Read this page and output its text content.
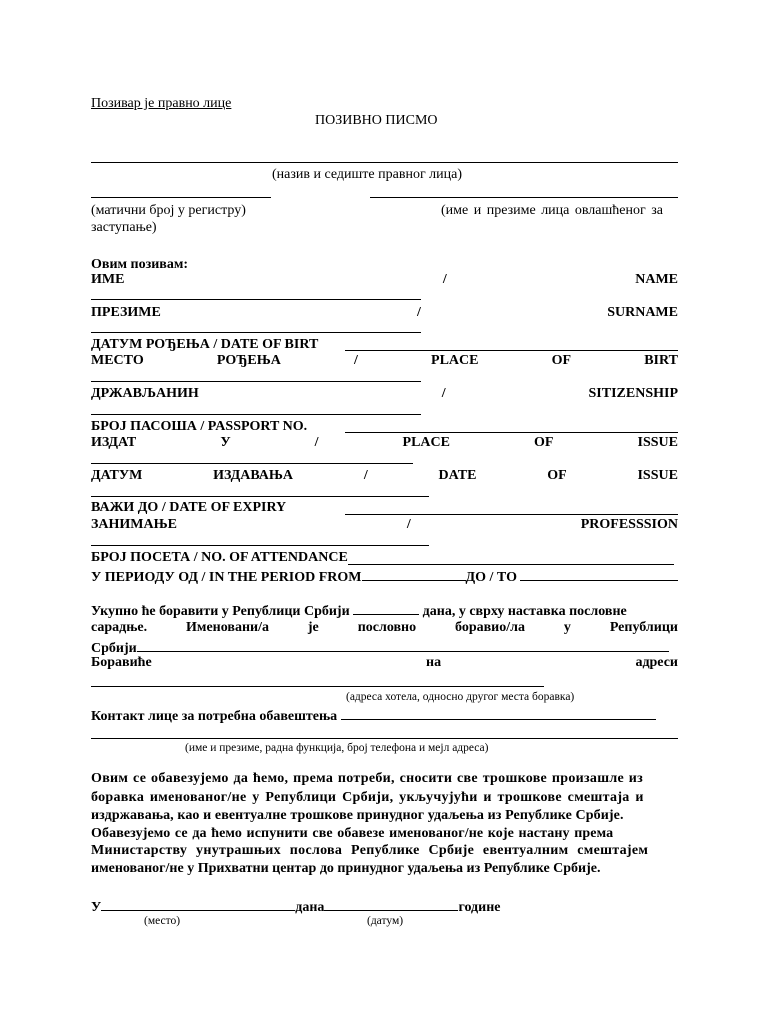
Позивар је правно лице
ПОЗИВНО ПИСМО
(назив и седиште правног лица)
(матични број у регистру)	(име и презиме лица овлашћеног за
заступање)
Овим позивам:
ИМЕ	/	NAME
ПРЕЗИМЕ	/	SURNAME
ДАТУМ РОЂЕЊА / DATE OF BIRT
МЕСТО	РОЂЕЊА	/	PLACE	OF	BIRT
ДРЖАВЉАНИН	/	SITIZENSHIP
БРОЈ ПАСОША / PASSPORT NO.
ИЗДАТ	У	/	PLACE	OF	ISSUE
ДАТУМ	ИЗДАВАЊА	/	DATE	OF	ISSUE
ВАЖИ ДО / DATE OF EXPIRY
ЗАНИМАЊЕ	/	PROFESSSION
БРОЈ ПОСЕТА / NO. OF ATTENDANCE
У ПЕРИОДУ ОД / IN THE PERIOD FROM	ДО / ТО
Укупно ће боравити у Републици Србији	дана, у сврху наставка пословне
сарадње.	Именовани/а	је	пословно	боравио/ла	у	Републици
Србији
Боравиће	на	адреси
(адреса хотела, односно другог места боравка)
Контакт лице за потребна обавештења
(име и презиме, радна функција, број телефона и мејл адреса)
Овим се обавезујемо да ћемо, према потреби, сносити све трошкове произашле из
боравка именованог/не у Републици Србији, укључујући и трошкове смештаја и
издржавања, као и евентуалне трошкове принудног удаљења из Републике Србије.
Обавезујемо се да ћемо испунити све обавезе именованог/не које настану према
Министарству унутрашњих послова Републике Србије евентуалним смештајем
именованог/не у Прихватни центар до принудног удаљења из Републике Србије.
У	дана	године
(место)	(датум)
